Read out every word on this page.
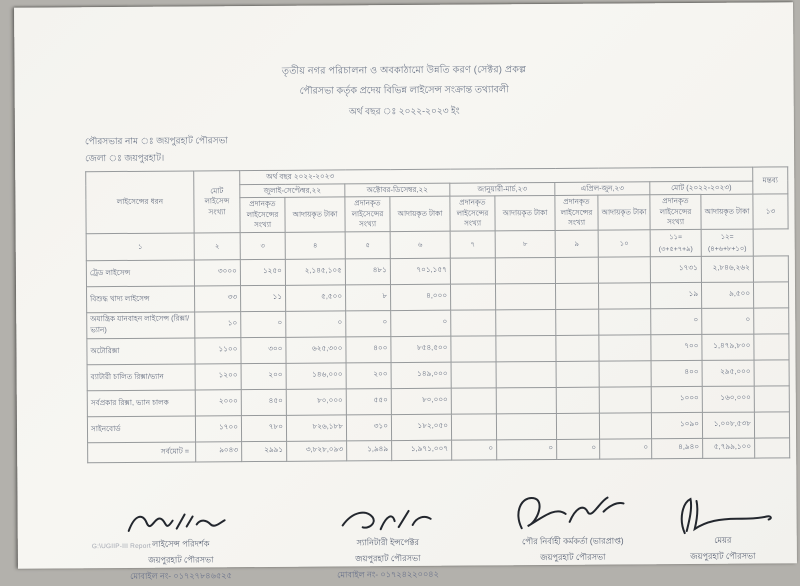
তৃতীয় নগর পরিচালনা ও অবকাঠামো উন্নতি করণ (সেক্টর) প্রকল্প
পৌরসভা কর্তৃক প্রদেয় বিভিন্ন লাইসেন্স সংক্রান্ত তথ্যাবলী
অর্থ বছর ঃ ২০২২-২০২৩ ইং
পৌরসভার নাম ঃ জয়পুরহাট পৌরসভা
জেলা ঃ জয়পুরহাট।
লাইসেন্সের ধরন	মোট লাইসেন্স সংখ্যা	অর্থ বছর ২০২২-২০২৩										মন্তব্য
		জুলাই-সেপ্টেম্বর,২২		অক্টোবর-ডিসেম্বর,২২		জানুয়ারী-মার্চ,২৩		এপ্রিল-জুন,২৩		মোট (২০২২-২০২৩)		
		প্রদানকৃত লাইসেন্সের সংখ্যা	আদায়কৃত টাকা	প্রদানকৃত লাইসেন্সের সংখ্যা	আদায়কৃত টাকা	প্রদানকৃত লাইসেন্সের সংখ্যা	আদায়কৃত টাকা	প্রদানকৃত লাইসেন্সের সংখ্যা	আদায়কৃত টাকা	প্রদানকৃত লাইসেন্সের সংখ্যা	আদায়কৃত টাকা	১৩
১	২	৩	৪	৫	৬	৭	৮	৯	১০	১১=(৩+৫+৭+৯)	১২=(৪+৬+৮+১০)	
ট্রেড লাইসেন্স	৩০০০	১২৫০	২,১৪৫,১০৫	৪৮১	৭০১,১৫৭					১৭৩১	২,৮৪৬,২৬২	
বিশুদ্ধ খাদ্য লাইসেন্স	৩৩	১১	৫,৫০০	৮	৪,০০০					১৯	৯,৫০০	
অযান্ত্রিক যানবাহন লাইসেন্স (রিক্সা/ভ্যান)	১০	০	০	০	০					০	০	
অটোরিক্সা	১১০০	৩০০	৬২৫,৩০০	৪০০	৮৫৪,৫০০					৭০০	১,৪৭৯,৮০০	
ব্যাটারী চালিত রিক্সা/ভ্যান	১২০০	২০০	১৪৬,০০০	২০০	১৪৯,০০০					৪০০	২৯৫,০০০	
সর্বপ্রকার রিক্সা, ভ্যান চালক	২০০০	৪৫০	৮০,০০০	৫৫০	৮০,০০০					১০০০	১৬০,০০০	
সাইনবোর্ড	১৭০০	৭৮০	৮২৬,১৮৮	৩১০	১৮২,০৫০					১০৯০	১,০০৮,৫৩৮	
সর্বমোট =	৯০৪৩	২৯৯১	৩,৮২৮,০৯৩	১,৯৪৯	১,৯৭১,০০৭	০	০	০	০	৪,৯৪০	৫,৭৯৯,১০০	
লাইসেন্স পরিদর্শক
জয়পুরহাট পৌরসভা
মোবাইল নং- ০১৭২৭৮৪৬৫২৫
স্যানিটারী ইন্সপেক্টর
জয়পুরহাট পৌরসভা
মোবাইল নং- ০১৭২৪২২০০৪২
পৌর নির্বাহী কর্মকর্তা (ভারপ্রাপ্ত)
জয়পুরহাট পৌরসভা
মেয়র
জয়পুরহাট পৌরসভা
G:\UGIIP-III Report
